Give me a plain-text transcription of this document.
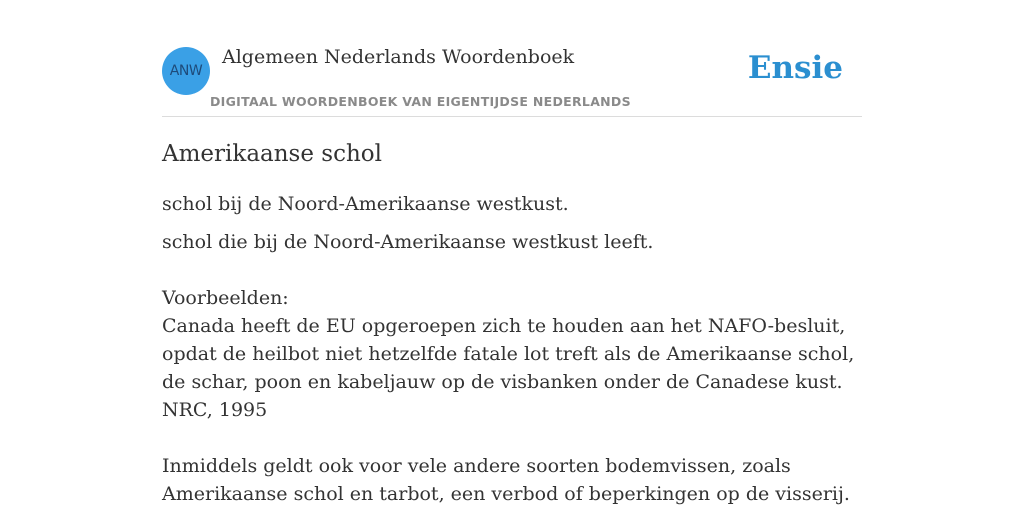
ANW
Algemeen Nederlands Woordenboek
DIGITAAL WOORDENBOEK VAN EIGENTIJDSE NEDERLANDS
Ensie
Amerikaanse schol

schol bij de Noord-Amerikaanse westkust.

schol die bij de Noord-Amerikaanse westkust leeft.

Voorbeelden:

Canada heeft de EU opgeroepen zich te houden aan het NAFO-besluit, opdat de heilbot niet hetzelfde fatale lot treft als de Amerikaanse schol, de schar, poon en kabeljauw op de visbanken onder de Canadese kust.

NRC, 1995

Inmiddels geldt ook voor vele andere soorten bodemvissen, zoals Amerikaanse schol en tarbot, een verbod of beperkingen op de visserij.
